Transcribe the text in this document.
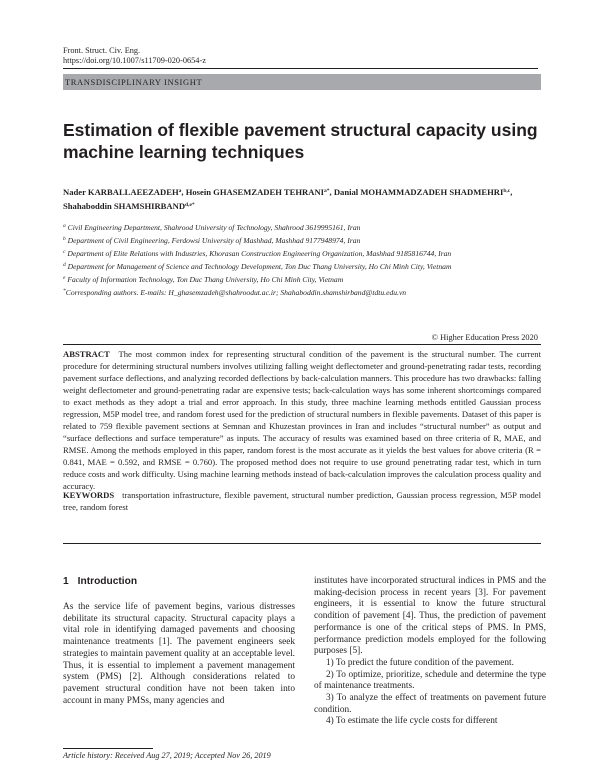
Front. Struct. Civ. Eng.
https://doi.org/10.1007/s11709-020-0654-z
TRANSDISCIPLINARY INSIGHT
Estimation of flexible pavement structural capacity using machine learning techniques
Nader KARBALLAEEZADEH$^a$, Hosein GHASEMZADEH $TEHRANI^{a*}$, Danial MOHAMMADZADEH SHADMEHRI$^{b,c}$, Shahaboddin $SHAMSHIRBAND^{d,e*}$
$^a$ Civil Engineering Department, Shahrood University of Technology, Shahrood 3619995161, Iran
$^b$ Department of Civil Engineering, Ferdowsi University of Mashhad, Mashhad 9177948974, Iran
$^c$ Department of Elite Relations with Industries, Khorasan Construction Engineering Organization, Mashhad 9185816744, Iran
$^d$ Department for Management of Science and Technology Development, Ton Duc Thang University, Ho Chi Minh City, Vietnam
$^e$ Faculty of Information Technology, Ton Duc Thang University, Ho Chi Minh City, Vietnam
*Corresponding authors. E-mails: H_ghasemzadeh@shahroodut.ac.ir; Shahaboddin.shamshirband@tdtu.edu.vn
© Higher Education Press 2020

ABSTRACT The most common index for representing structural condition of the pavement is the structural number. The current procedure for determining structural numbers involves utilizing falling weight deflectometer and ground-penetrating radar tests, recording pavement surface deflections, and analyzing recorded deflections by back-calculation manners. This procedure has two drawbacks: falling weight deflectometer and ground-penetrating radar are expensive tests; back-calculation ways has some inherent shortcomings compared to exact methods as they adopt a trial and error approach. In this study, three machine learning methods entitled Gaussian process regression, M5P model tree, and random forest used for the prediction of structural numbers in flexible pavements. Dataset of this paper is related to 759 flexible pavement sections at Semnan and Khuzestan provinces in Iran and includes “structural number” as output and “surface deflections and surface temperature” as inputs. The accuracy of results was examined based on three criteria of R, MAE, and RMSE. Among the methods employed in this paper, random forest is the most accurate as it yields the best values for above criteria (R = 0.841, MAE = 0.592, and RMSE = 0.760). The proposed method does not require to use ground penetrating radar test, which in turn reduce costs and work difficulty. Using machine learning methods instead of back-calculation improves the calculation process quality and accuracy.

KEYWORDS transportation infrastructure, flexible pavement, structural number prediction, Gaussian process regression, M5P model tree, random forest

1 Introduction

As the service life of pavement begins, various distresses debilitate its structural capacity. Structural capacity plays a vital role in identifying damaged pavements and choosing maintenance treatments [1]. The pavement engineers seek strategies to maintain pavement quality at an acceptable level. Thus, it is essential to implement a pavement management system (PMS) [2]. Although considerations related to pavement structural condition have not been taken into account in many PMSs, many agencies and

institutes have incorporated structural indices in PMS and the making-decision process in recent years [3]. For pavement engineers, it is essential to know the future structural condition of pavement [4]. Thus, the prediction of pavement performance is one of the critical steps of PMS. In PMS, performance prediction models employed for the following purposes [5].

1) To predict the future condition of the pavement.

2) To optimize, prioritize, schedule and determine the type of maintenance treatments.

3) To analyze the effect of treatments on pavement future condition.

4) To estimate the life cycle costs for different

Article history: Received Aug 27, 2019; Accepted Nov 26, 2019
